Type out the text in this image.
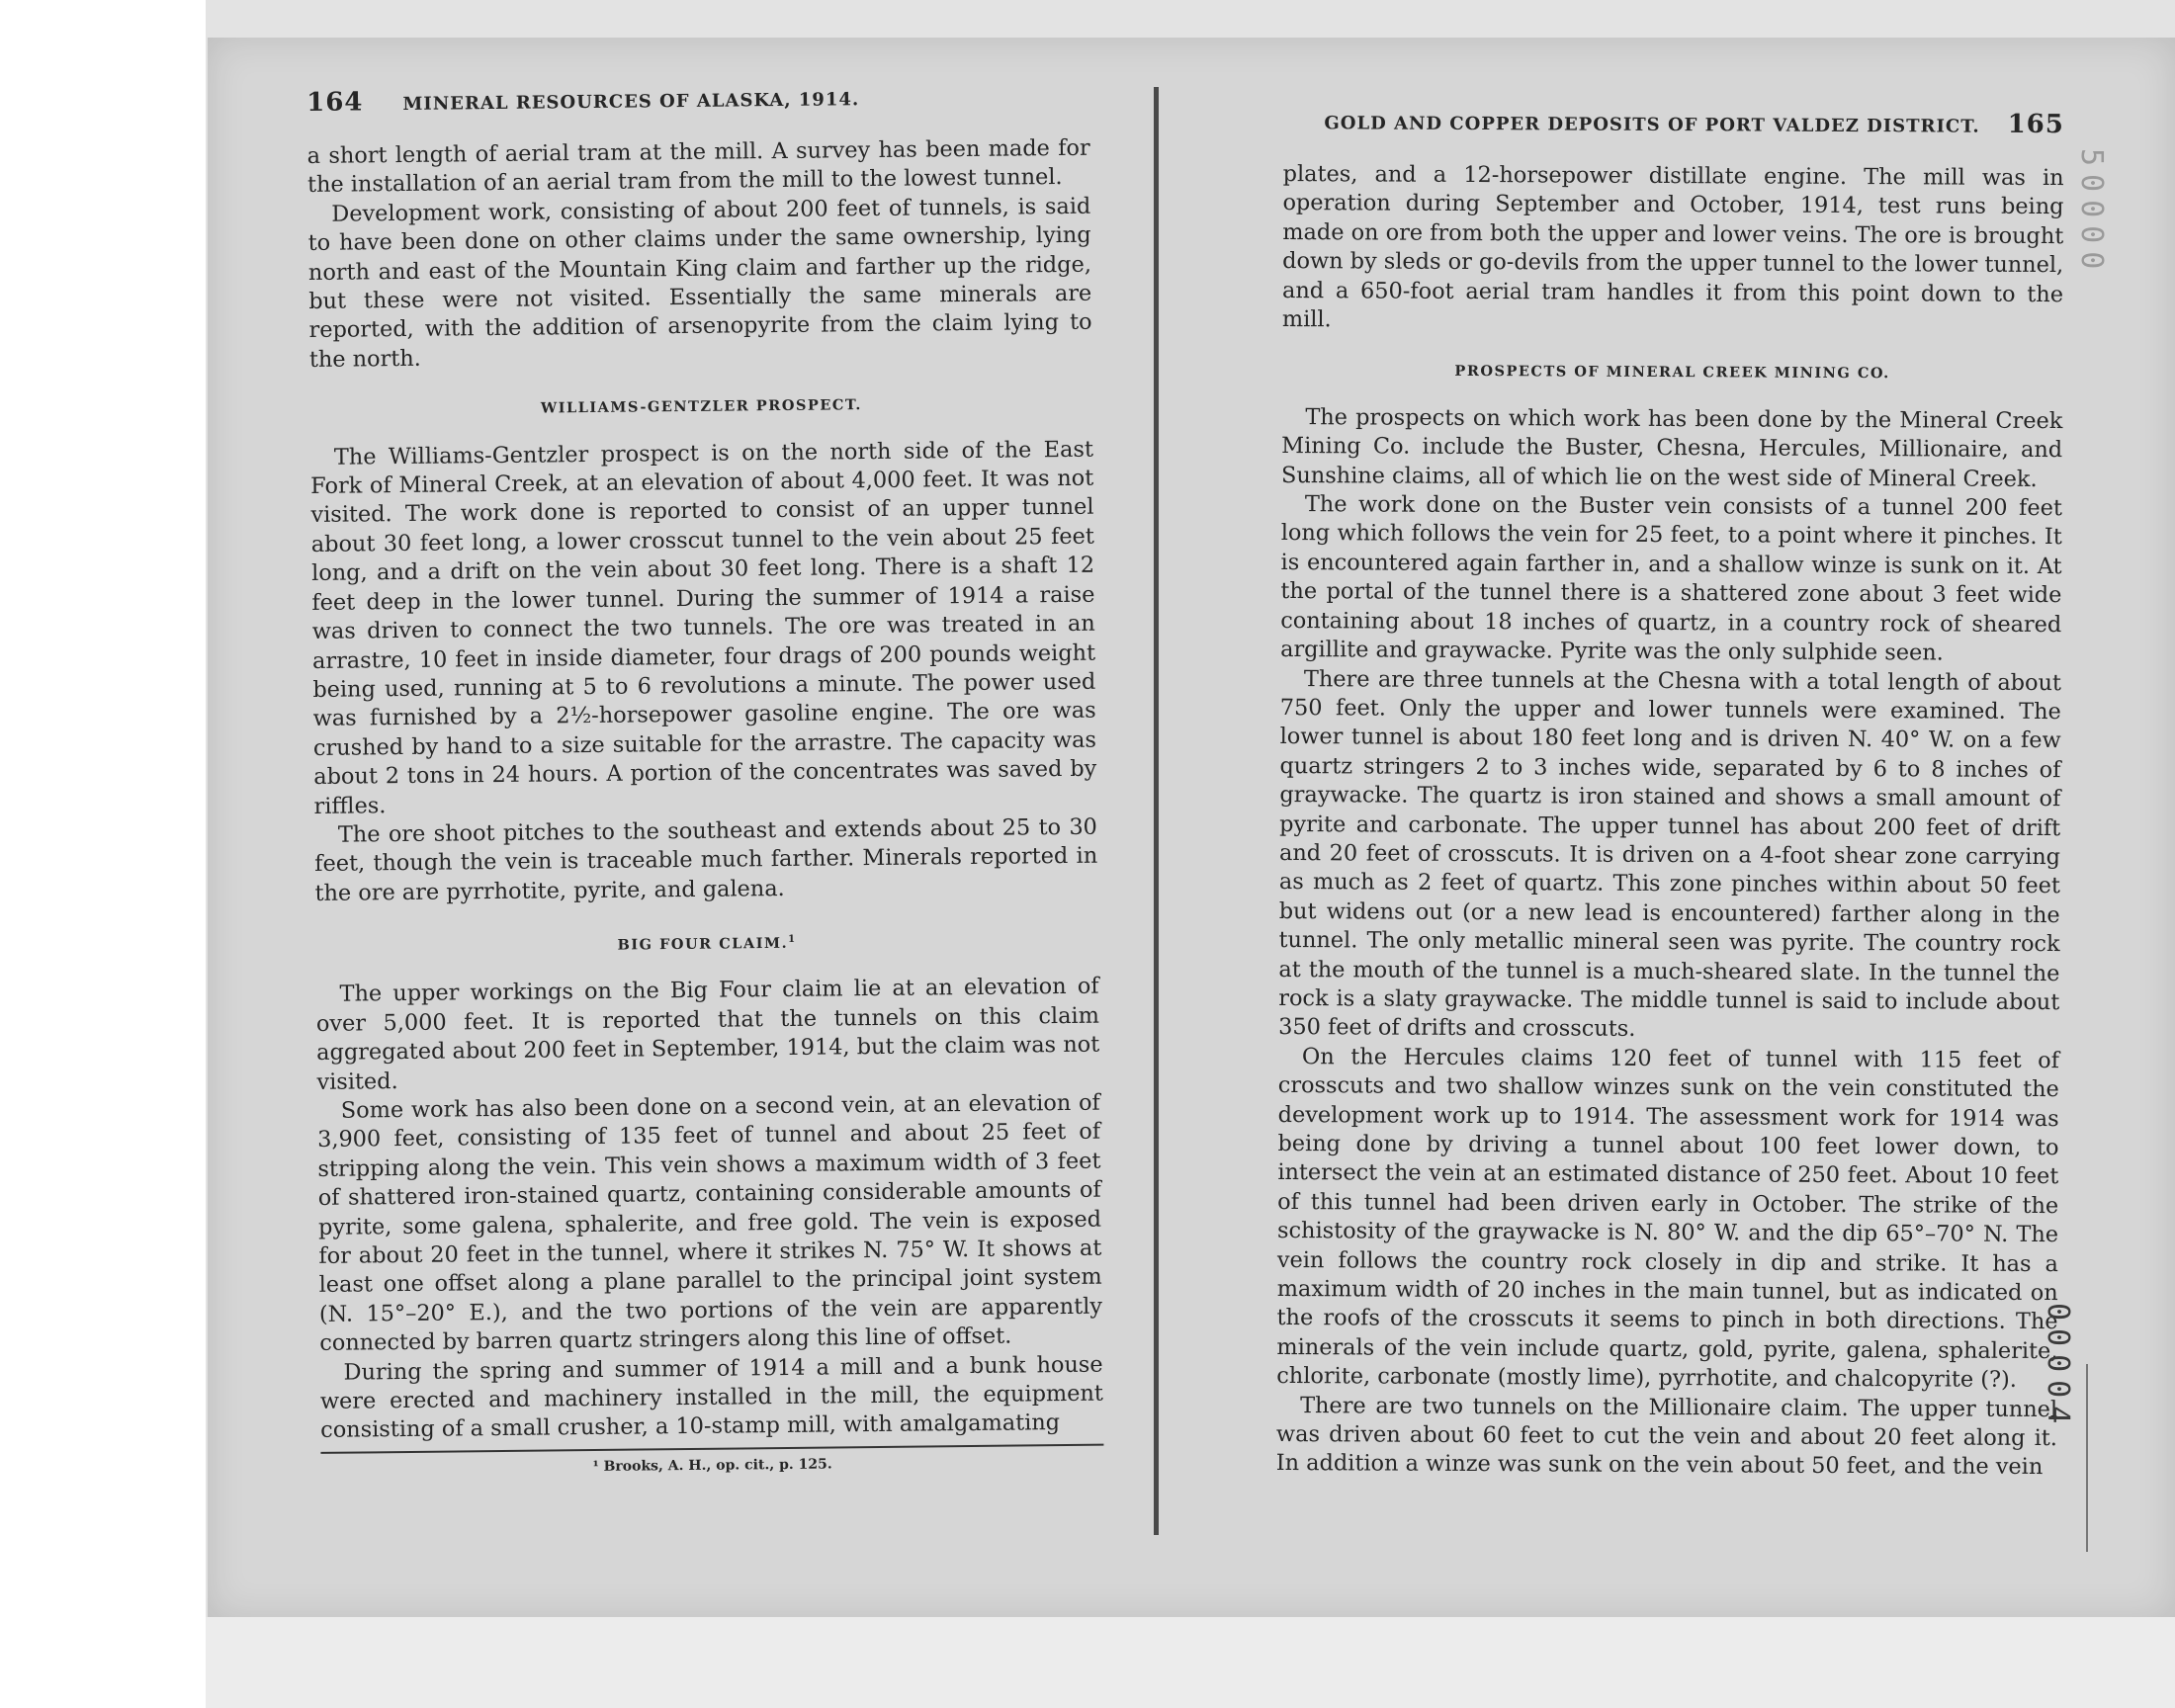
164 MINERAL RESOURCES OF ALASKA, 1914.

a short length of aerial tram at the mill. A survey has been made for the installation of an aerial tram from the mill to the lowest tunnel.

Development work, consisting of about 200 feet of tunnels, is said to have been done on other claims under the same ownership, lying north and east of the Mountain King claim and farther up the ridge, but these were not visited. Essentially the same minerals are reported, with the addition of arsenopyrite from the claim lying to the north.

WILLIAMS-GENTZLER PROSPECT.

The Williams-Gentzler prospect is on the north side of the East Fork of Mineral Creek, at an elevation of about 4,000 feet. It was not visited. The work done is reported to consist of an upper tunnel about 30 feet long, a lower crosscut tunnel to the vein about 25 feet long, and a drift on the vein about 30 feet long. There is a shaft 12 feet deep in the lower tunnel. During the summer of 1914 a raise was driven to connect the two tunnels. The ore was treated in an arrastre, 10 feet in inside diameter, four drags of 200 pounds weight being used, running at 5 to 6 revolutions a minute. The power used was furnished by a 2½-horsepower gasoline engine. The ore was crushed by hand to a size suitable for the arrastre. The capacity was about 2 tons in 24 hours. A portion of the concentrates was saved by riffles.

The ore shoot pitches to the southeast and extends about 25 to 30 feet, though the vein is traceable much farther. Minerals reported in the ore are pyrrhotite, pyrite, and galena.

BIG FOUR CLAIM.$^1$

The upper workings on the Big Four claim lie at an elevation of over 5,000 feet. It is reported that the tunnels on this claim aggregated about 200 feet in September, 1914, but the claim was not visited.

Some work has also been done on a second vein, at an elevation of 3,900 feet, consisting of 135 feet of tunnel and about 25 feet of stripping along the vein. This vein shows a maximum width of 3 feet of shattered iron-stained quartz, containing considerable amounts of pyrite, some galena, sphalerite, and free gold. The vein is exposed for about 20 feet in the tunnel, where it strikes N. 75° W. It shows at least one offset along a plane parallel to the principal joint system (N. 15°–20° E.), and the two portions of the vein are apparently connected by barren quartz stringers along this line of offset.

During the spring and summer of 1914 a mill and a bunk house were erected and machinery installed in the mill, the equipment consisting of a small crusher, a 10-stamp mill, with amalgamating

¹ Brooks, A. H., op. cit., p. 125.
GOLD AND COPPER DEPOSITS OF PORT VALDEZ DISTRICT. 165

plates, and a 12-horsepower distillate engine. The mill was in operation during September and October, 1914, test runs being made on ore from both the upper and lower veins. The ore is brought down by sleds or go-devils from the upper tunnel to the lower tunnel, and a 650-foot aerial tram handles it from this point down to the mill.

PROSPECTS OF MINERAL CREEK MINING CO.

The prospects on which work has been done by the Mineral Creek Mining Co. include the Buster, Chesna, Hercules, Millionaire, and Sunshine claims, all of which lie on the west side of Mineral Creek.

The work done on the Buster vein consists of a tunnel 200 feet long which follows the vein for 25 feet, to a point where it pinches. It is encountered again farther in, and a shallow winze is sunk on it. At the portal of the tunnel there is a shattered zone about 3 feet wide containing about 18 inches of quartz, in a country rock of sheared argillite and graywacke. Pyrite was the only sulphide seen.

There are three tunnels at the Chesna with a total length of about 750 feet. Only the upper and lower tunnels were examined. The lower tunnel is about 180 feet long and is driven N. 40° W. on a few quartz stringers 2 to 3 inches wide, separated by 6 to 8 inches of graywacke. The quartz is iron stained and shows a small amount of pyrite and carbonate. The upper tunnel has about 200 feet of drift and 20 feet of crosscuts. It is driven on a 4-foot shear zone carrying as much as 2 feet of quartz. This zone pinches within about 50 feet but widens out (or a new lead is encountered) farther along in the tunnel. The only metallic mineral seen was pyrite. The country rock at the mouth of the tunnel is a much-sheared slate. In the tunnel the rock is a slaty graywacke. The middle tunnel is said to include about 350 feet of drifts and crosscuts.

On the Hercules claims 120 feet of tunnel with 115 feet of crosscuts and two shallow winzes sunk on the vein constituted the development work up to 1914. The assessment work for 1914 was being done by driving a tunnel about 100 feet lower down, to intersect the vein at an estimated distance of 250 feet. About 10 feet of this tunnel had been driven early in October. The strike of the schistosity of the graywacke is N. 80° W. and the dip 65°–70° N. The vein follows the country rock closely in dip and strike. It has a maximum width of 20 inches in the main tunnel, but as indicated on the roofs of the crosscuts it seems to pinch in both directions. The minerals of the vein include quartz, gold, pyrite, galena, sphalerite, chlorite, carbonate (mostly lime), pyrrhotite, and chalcopyrite (?).

There are two tunnels on the Millionaire claim. The upper tunnel was driven about 60 feet to cut the vein and about 20 feet along it. In addition a winze was sunk on the vein about 50 feet, and the vein

50000
00004
